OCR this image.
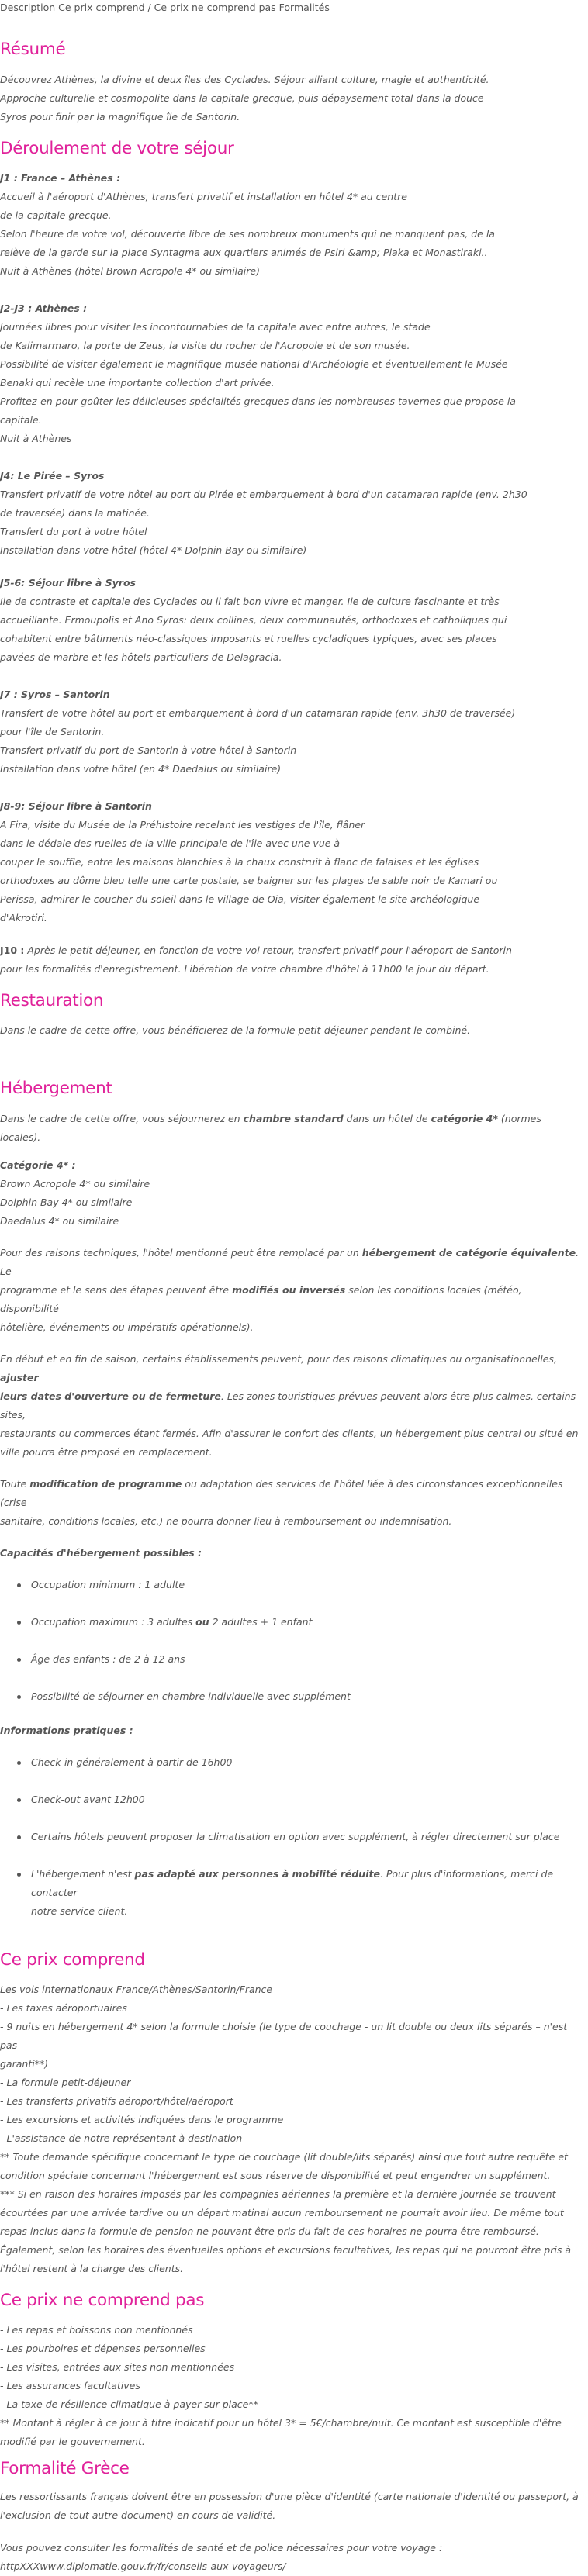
Description Ce prix comprend / Ce prix ne comprend pas Formalités
Résumé

Découvrez Athènes, la divine et deux îles des Cyclades. Séjour alliant culture, magie et authenticité.

Approche culturelle et cosmopolite dans la capitale grecque, puis dépaysement total dans la douce

Syros pour finir par la magnifique île de Santorin.

Déroulement de votre séjour

J1 : France – Athènes :

Accueil à l'aéroport d'Athènes, transfert privatif et installation en hôtel 4* au centre

de la capitale grecque.

Selon l'heure de votre vol, découverte libre de ses nombreux monuments qui ne manquent pas, de la

relève de la garde sur la place Syntagma aux quartiers animés de Psiri &amp; Plaka et Monastiraki..

Nuit à Athènes (hôtel Brown Acropole 4* ou similaire)

J2-J3 : Athènes :

Journées libres pour visiter les incontournables de la capitale avec entre autres, le stade

de Kalimarmaro, la porte de Zeus, la visite du rocher de l'Acropole et de son musée.

Possibilité de visiter également le magnifique musée national d'Archéologie et éventuellement le Musée

Benaki qui recèle une importante collection d'art privée.

Profitez-en pour goûter les délicieuses spécialités grecques dans les nombreuses tavernes que propose la

capitale.

Nuit à Athènes

J4: Le Pirée – Syros

Transfert privatif de votre hôtel au port du Pirée et embarquement à bord d'un catamaran rapide (env. 2h30

de traversée) dans la matinée.

Transfert du port à votre hôtel

Installation dans votre hôtel (hôtel 4* Dolphin Bay ou similaire)

J5-6: Séjour libre à Syros

Ile de contraste et capitale des Cyclades ou il fait bon vivre et manger. Ile de culture fascinante et très

accueillante. Ermoupolis et Ano Syros: deux collines, deux communautés, orthodoxes et catholiques qui

cohabitent entre bâtiments néo-classiques imposants et ruelles cycladiques typiques, avec ses places

pavées de marbre et les hôtels particuliers de Delagracia.

J7 : Syros – Santorin

Transfert de votre hôtel au port et embarquement à bord d'un catamaran rapide (env. 3h30 de traversée)

pour l'île de Santorin.

Transfert privatif du port de Santorin à votre hôtel à Santorin

Installation dans votre hôtel (en 4* Daedalus ou similaire)

J8-9: Séjour libre à Santorin

A Fira, visite du Musée de la Préhistoire recelant les vestiges de l'île, flâner

dans le dédale des ruelles de la ville principale de l'île avec une vue à

couper le souffle, entre les maisons blanchies à la chaux construit à flanc de falaises et les églises

orthodoxes au dôme bleu telle une carte postale, se baigner sur les plages de sable noir de Kamari ou

Perissa, admirer le coucher du soleil dans le village de Oia, visiter également le site archéologique

d'Akrotiri.

J10 : Après le petit déjeuner, en fonction de votre vol retour, transfert privatif pour l'aéroport de Santorin

pour les formalités d'enregistrement. Libération de votre chambre d'hôtel à 11h00 le jour du départ.

Restauration

Dans le cadre de cette offre, vous bénéficierez de la formule petit-déjeuner pendant le combiné.

Hébergement

Dans le cadre de cette offre, vous séjournerez en chambre standard dans un hôtel de catégorie 4* (normes locales).

Catégorie 4* :

Brown Acropole 4* ou similaire

Dolphin Bay 4* ou similaire

Daedalus 4* ou similaire

Pour des raisons techniques, l'hôtel mentionné peut être remplacé par un hébergement de catégorie équivalente. Le

programme et le sens des étapes peuvent être modifiés ou inversés selon les conditions locales (météo, disponibilité

hôtelière, événements ou impératifs opérationnels).

En début et en fin de saison, certains établissements peuvent, pour des raisons climatiques ou organisationnelles, ajuster

leurs dates d'ouverture ou de fermeture. Les zones touristiques prévues peuvent alors être plus calmes, certains sites,

restaurants ou commerces étant fermés. Afin d'assurer le confort des clients, un hébergement plus central ou situé en

ville pourra être proposé en remplacement.

Toute modification de programme ou adaptation des services de l'hôtel liée à des circonstances exceptionnelles (crise

sanitaire, conditions locales, etc.) ne pourra donner lieu à remboursement ou indemnisation.

Capacités d'hébergement possibles :

Occupation minimum : 1 adulte
Occupation maximum : 3 adultes ou 2 adultes + 1 enfant
Âge des enfants : de 2 à 12 ans
Possibilité de séjourner en chambre individuelle avec supplément

Informations pratiques :

Check-in généralement à partir de 16h00
Check-out avant 12h00
Certains hôtels peuvent proposer la climatisation en option avec supplément, à régler directement sur place
L'hébergement n'est pas adapté aux personnes à mobilité réduite. Pour plus d'informations, merci de contacter
notre service client.
Ce prix comprend

Les vols internationaux France/Athènes/Santorin/France

- Les taxes aéroportuaires

- 9 nuits en hébergement 4* selon la formule choisie (le type de couchage - un lit double ou deux lits séparés – n'est pas

garanti**)

- La formule petit-déjeuner

- Les transferts privatifs aéroport/hôtel/aéroport

- Les excursions et activités indiquées dans le programme

- L'assistance de notre représentant à destination

** Toute demande spécifique concernant le type de couchage (lit double/lits séparés) ainsi que tout autre requête et

condition spéciale concernant l'hébergement est sous réserve de disponibilité et peut engendrer un supplément.

*** Si en raison des horaires imposés par les compagnies aériennes la première et la dernière journée se trouvent

écourtées par une arrivée tardive ou un départ matinal aucun remboursement ne pourrait avoir lieu. De même tout

repas inclus dans la formule de pension ne pouvant être pris du fait de ces horaires ne pourra être remboursé.

Également, selon les horaires des éventuelles options et excursions facultatives, les repas qui ne pourront être pris à

l'hôtel restent à la charge des clients.

Ce prix ne comprend pas

- Les repas et boissons non mentionnés

- Les pourboires et dépenses personnelles

- Les visites, entrées aux sites non mentionnées

- Les assurances facultatives

- La taxe de résilience climatique à payer sur place**

** Montant à régler à ce jour à titre indicatif pour un hôtel 3* = 5€/chambre/nuit. Ce montant est susceptible d'être

modifié par le gouvernement.

Formalité Grèce

Les ressortissants français doivent être en possession d'une pièce d'identité (carte nationale d'identité ou passeport, à

l'exclusion de tout autre document) en cours de validité.

Vous pouvez consulter les formalités de santé et de police nécessaires pour votre voyage :

httpXXXwww.diplomatie.gouv.fr/fr/conseils-aux-voyageurs/
